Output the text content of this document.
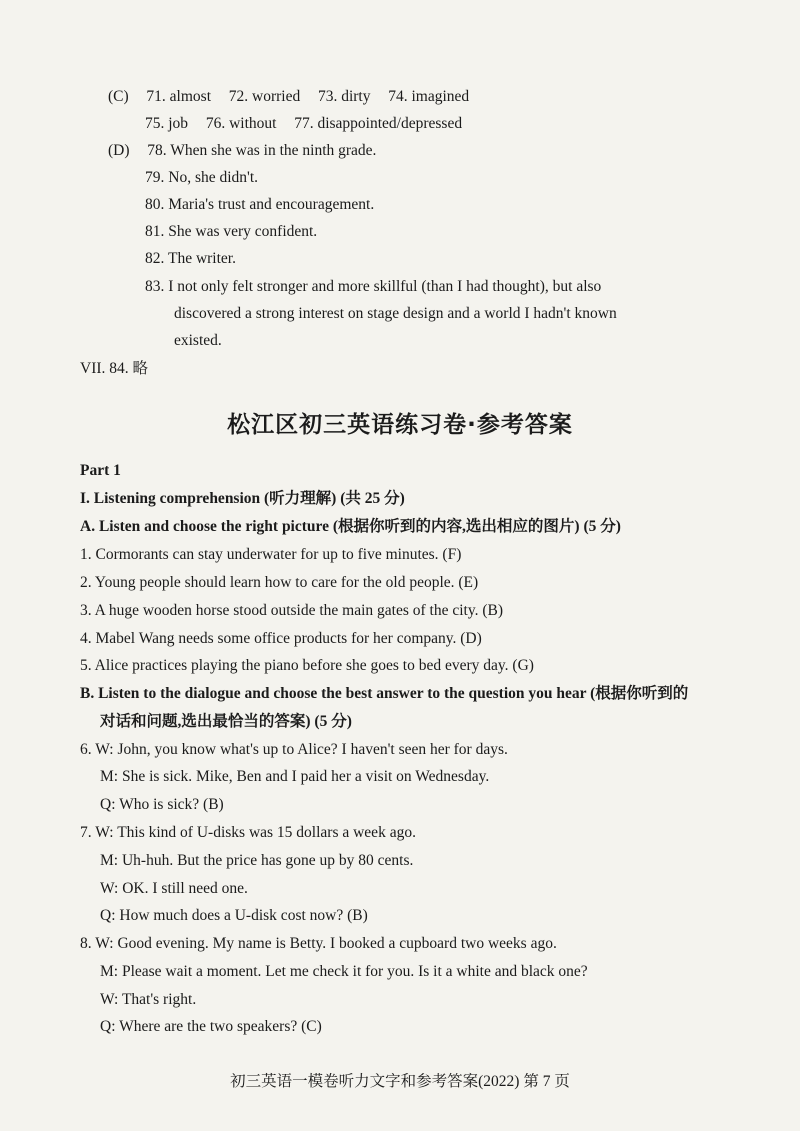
(C) 71. almost 72. worried 73. dirty 74. imagined
75. job 76. without 77. disappointed/depressed
(D) 78. When she was in the ninth grade.
79. No, she didn't.
80. Maria's trust and encouragement.
81. She was very confident.
82. The writer.
83. I not only felt stronger and more skillful (than I had thought), but also
discovered a strong interest on stage design and a world I hadn't known
existed.
VII. 84. 略
松江区初三英语练习卷·参考答案
Part 1
I. Listening comprehension (听力理解) (共 25 分)
A. Listen and choose the right picture (根据你听到的内容,选出相应的图片) (5 分)
1. Cormorants can stay underwater for up to five minutes. (F)
2. Young people should learn how to care for the old people. (E)
3. A huge wooden horse stood outside the main gates of the city. (B)
4. Mabel Wang needs some office products for her company. (D)
5. Alice practices playing the piano before she goes to bed every day. (G)
B. Listen to the dialogue and choose the best answer to the question you hear (根据你听到的
对话和问题,选出最恰当的答案) (5 分)
6. W: John, you know what's up to Alice? I haven't seen her for days.
M: She is sick. Mike, Ben and I paid her a visit on Wednesday.
Q: Who is sick? (B)
7. W: This kind of U-disks was 15 dollars a week ago.
M: Uh-huh. But the price has gone up by 80 cents.
W: OK. I still need one.
Q: How much does a U-disk cost now? (B)
8. W: Good evening. My name is Betty. I booked a cupboard two weeks ago.
M: Please wait a moment. Let me check it for you. Is it a white and black one?
W: That's right.
Q: Where are the two speakers? (C)
初三英语一模卷听力文字和参考答案(2022) 第 7 页
